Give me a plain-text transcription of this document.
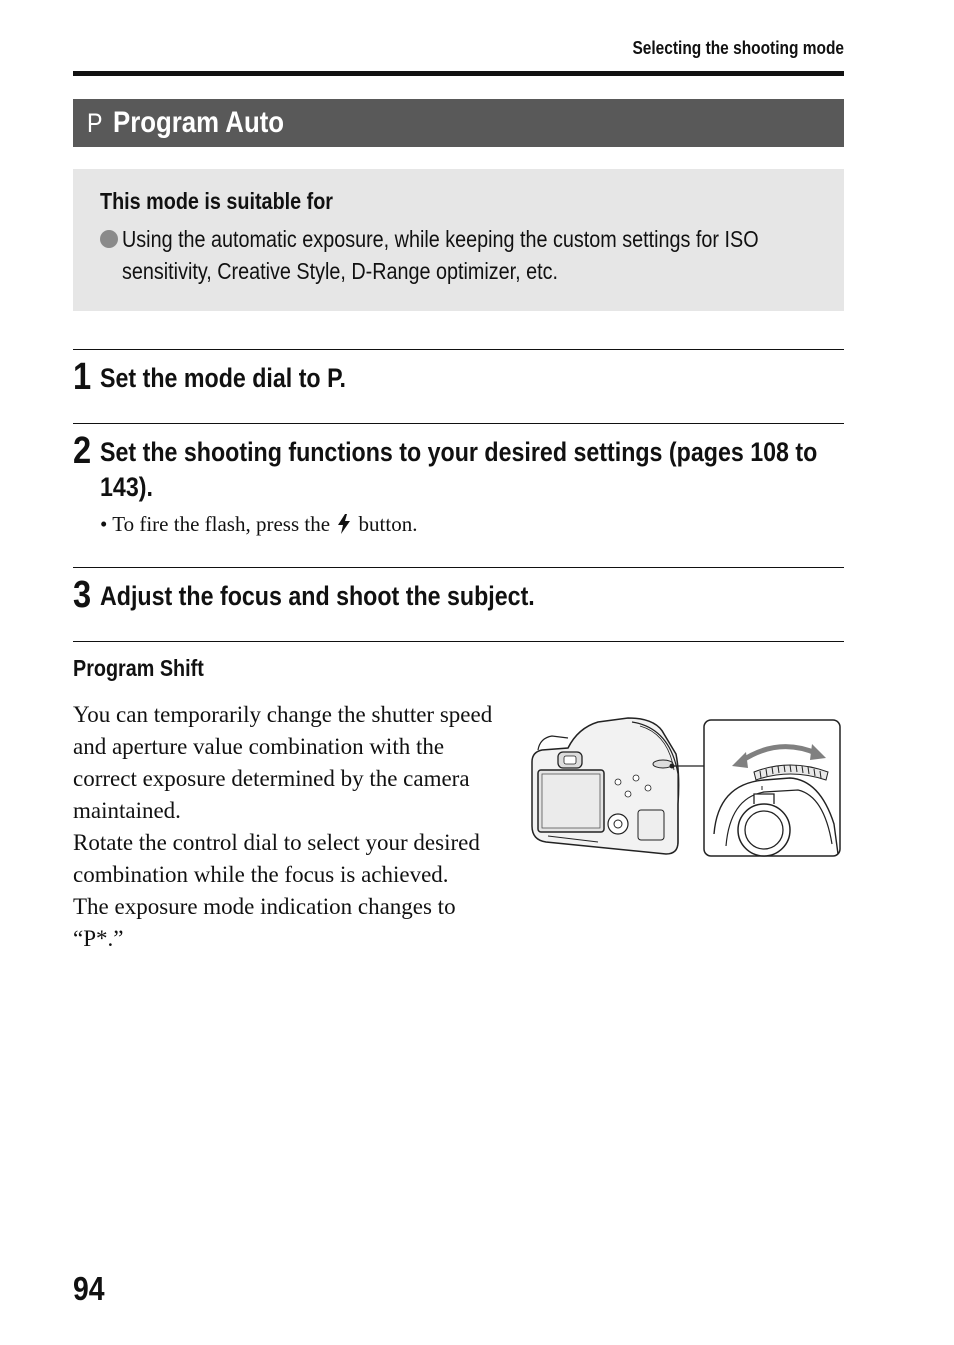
Selecting the shooting mode
P Program Auto
This mode is suitable for
Using the automatic exposure, while keeping the custom settings for ISO sensitivity, Creative Style, D-Range optimizer, etc.
1 Set the mode dial to P.
2 Set the shooting functions to your desired settings (pages 108 to 143).
• To fire the flash, press the button.
3 Adjust the focus and shoot the subject.
Program Shift

You can temporarily change the shutter speed and aperture value combination with the correct exposure determined by the camera maintained.

Rotate the control dial to select your desired combination while the focus is achieved.

The exposure mode indication changes to “P*.”

94
